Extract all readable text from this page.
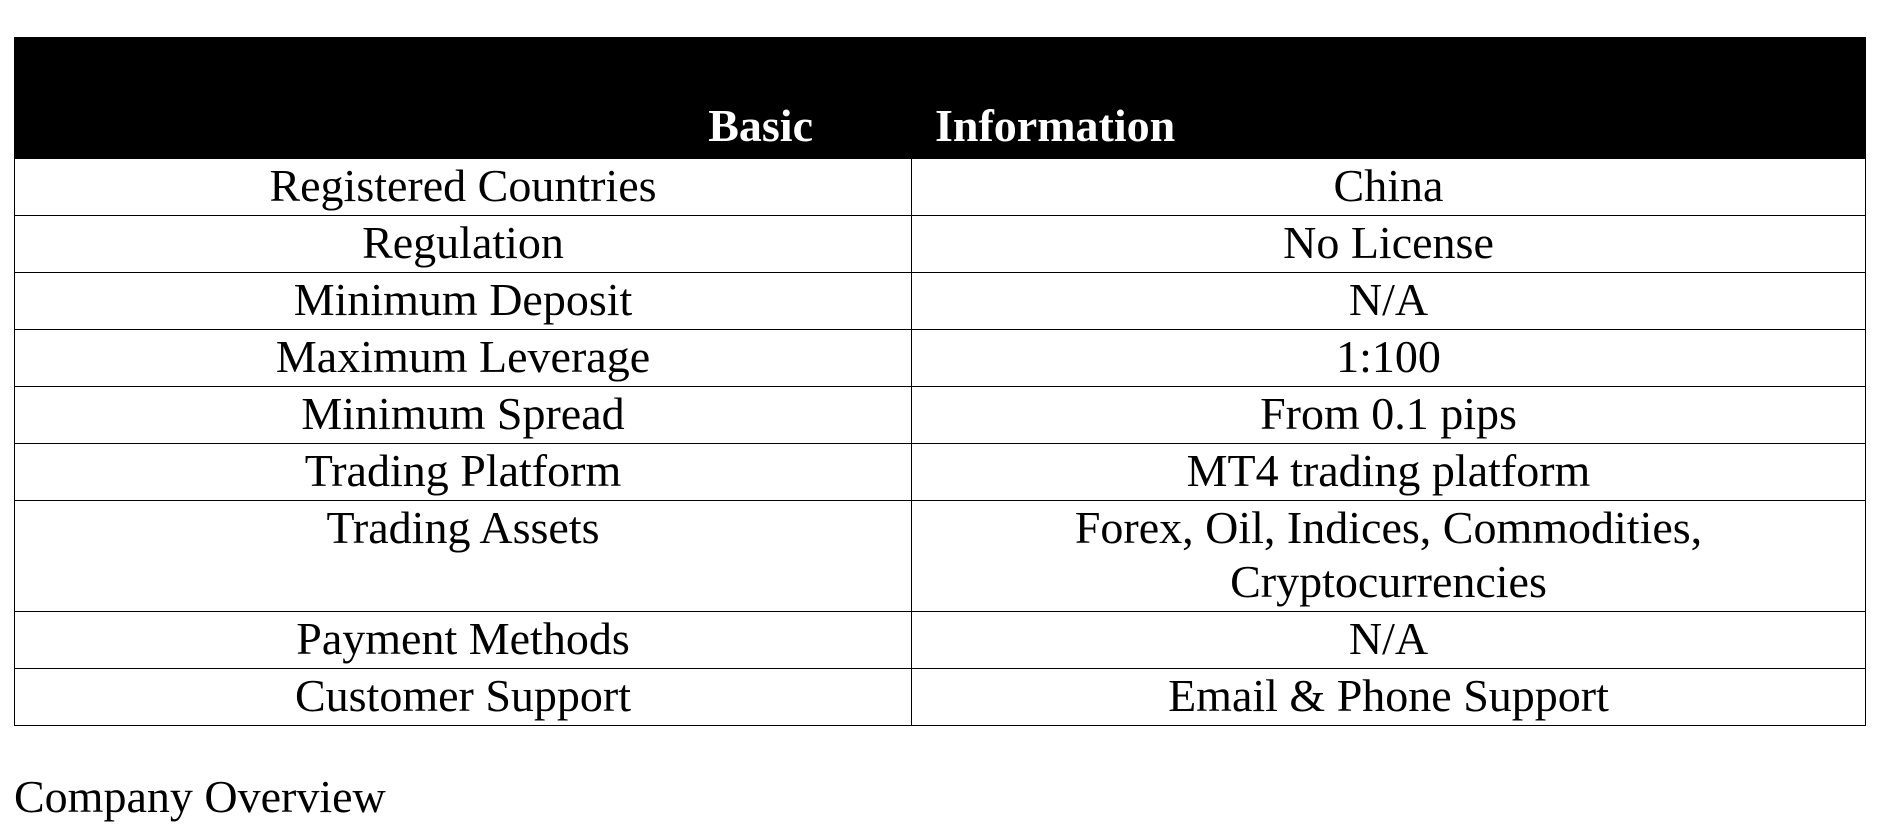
Basic	Information
Registered Countries	China
Regulation	No License
Minimum Deposit	N/A
Maximum Leverage	1:100
Minimum Spread	From 0.1 pips
Trading Platform	MT4 trading platform
Trading Assets	Forex, Oil, Indices, Commodities,
Cryptocurrencies

Payment Methods	N/A
Customer Support	Email & Phone Support
Company Overview
